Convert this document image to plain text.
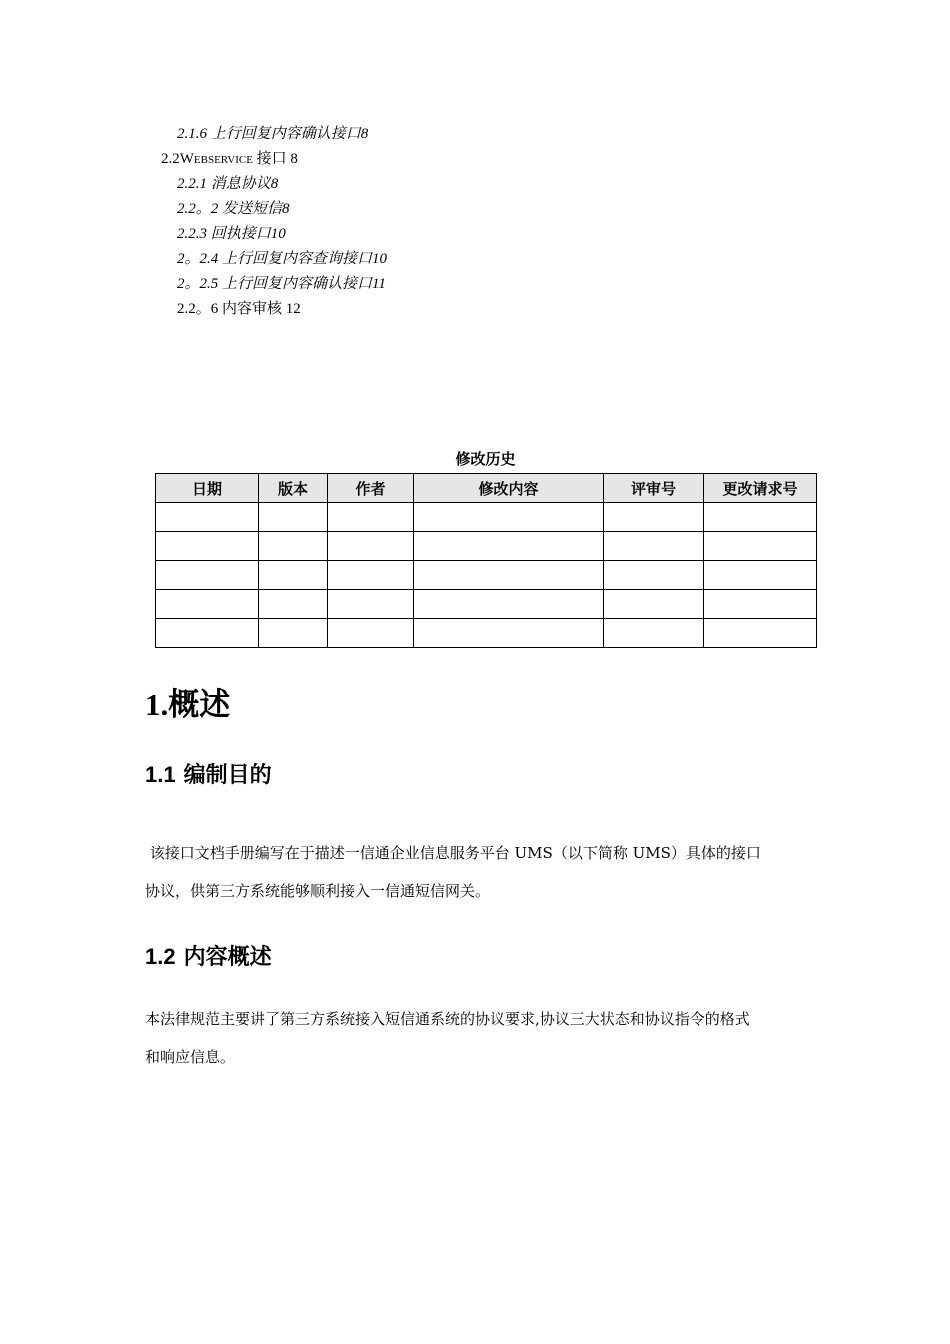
2.1.6 上行回复内容确认接口8
2.2Webservice 接口 8
2.2.1 消息协议8
2.2。2 发送短信8
2.2.3 回执接口10
2。2.4 上行回复内容查询接口10
2。2.5 上行回复内容确认接口11
2.2。6 内容审核 12
修改历史
日期	版本	作者	修改内容	评审号	更改请求号

1.概述
1.1 编制目的
该接口文档手册编写在于描述一信通企业信息服务平台 UMS（以下简称 UMS）具体的接口
协议，供第三方系统能够顺利接入一信通短信网关。
1.2 内容概述
本法律规范主要讲了第三方系统接入短信通系统的协议要求,协议三大状态和协议指令的格式
和响应信息。
